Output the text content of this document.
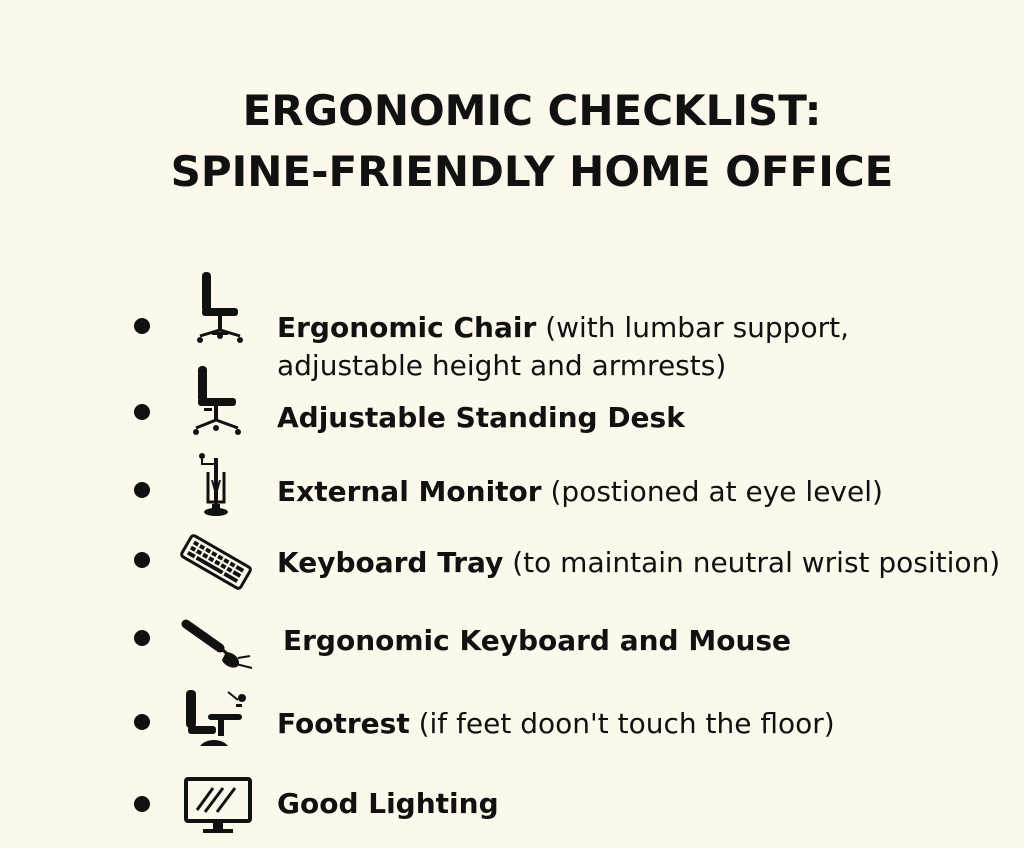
ERGONOMIC CHECKLIST:
SPINE-FRIENDLY HOME OFFICE
Ergonomic Chair (with lumbar support,
adjustable height and armrests)
Adjustable Standing Desk
External Monitor (postioned at eye level)
Keyboard Tray (to maintain neutral wrist position)
Ergonomic Keyboard and Mouse
Footrest (if feet doon't touch the floor)
Good Lighting
